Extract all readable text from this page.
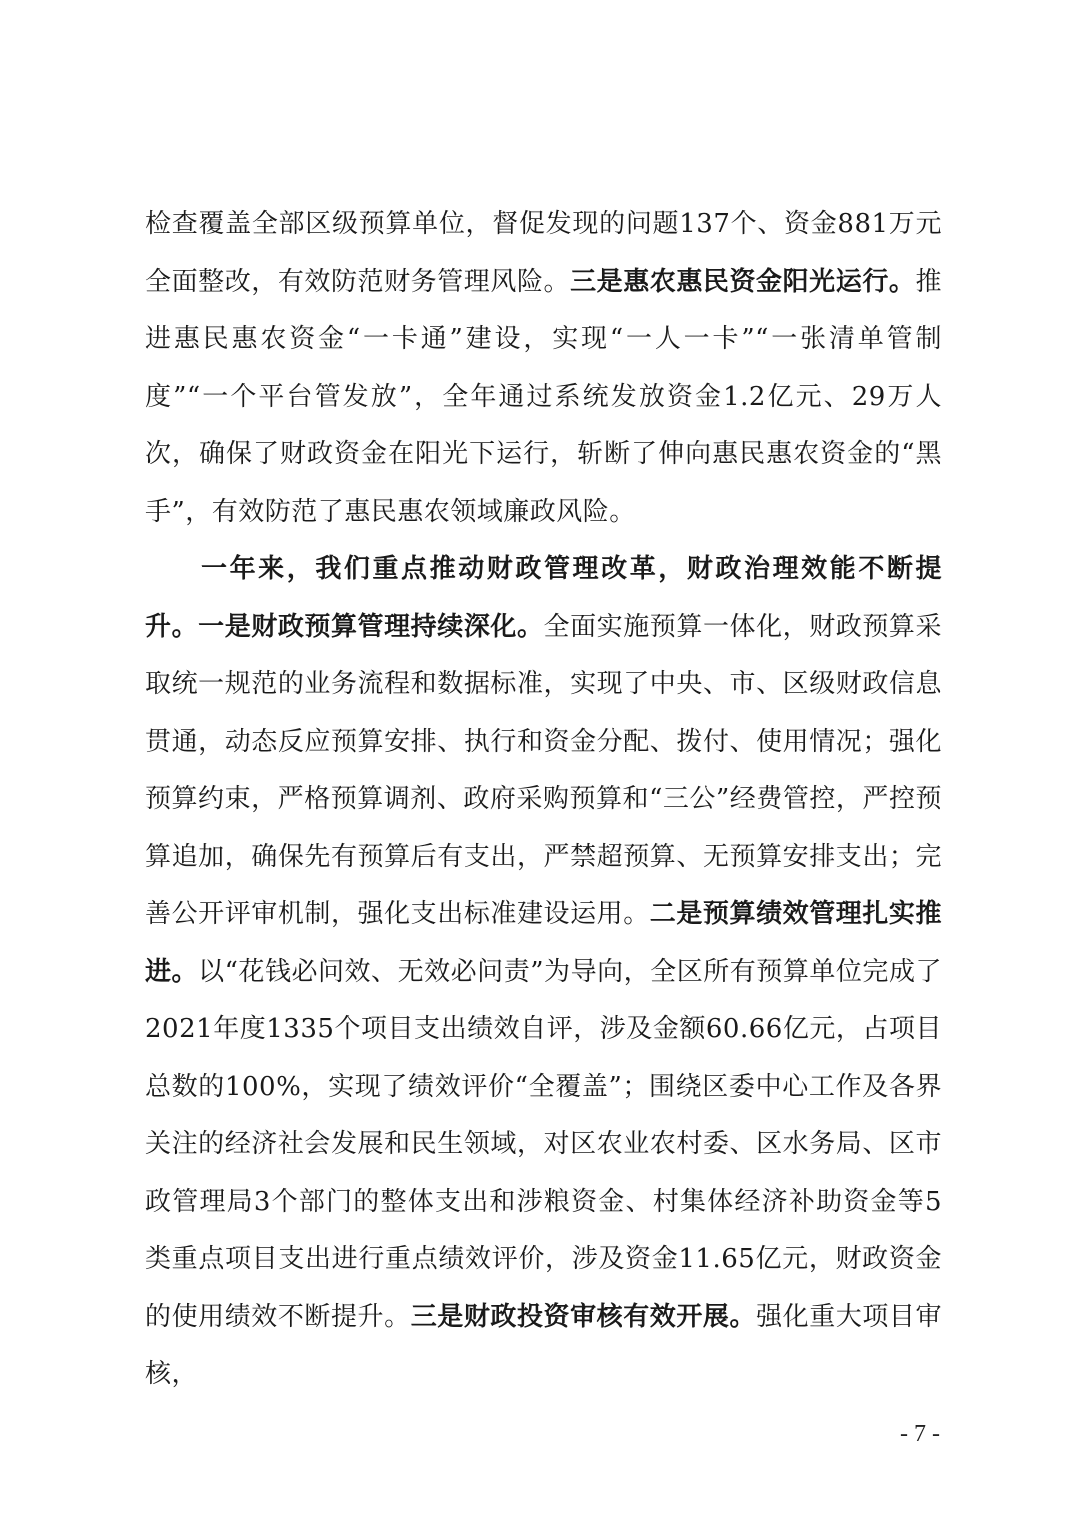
检查覆盖全部区级预算单位，督促发现的问题137个、资金881万元全面整改，有效防范财务管理风险。三是惠农惠民资金阳光运行。推进惠民惠农资金“一卡通”建设，实现“一人一卡”“一张清单管制度”“一个平台管发放”，全年通过系统发放资金1.2亿元、29万人次，确保了财政资金在阳光下运行，斩断了伸向惠民惠农资金的“黑手”，有效防范了惠民惠农领域廉政风险。

一年来，我们重点推动财政管理改革，财政治理效能不断提升。一是财政预算管理持续深化。全面实施预算一体化，财政预算采取统一规范的业务流程和数据标准，实现了中央、市、区级财政信息贯通，动态反应预算安排、执行和资金分配、拨付、使用情况；强化预算约束，严格预算调剂、政府采购预算和“三公”经费管控，严控预算追加，确保先有预算后有支出，严禁超预算、无预算安排支出；完善公开评审机制，强化支出标准建设运用。二是预算绩效管理扎实推进。以“花钱必问效、无效必问责”为导向，全区所有预算单位完成了2021年度1335个项目支出绩效自评，涉及金额60.66亿元，占项目总数的100%，实现了绩效评价“全覆盖”；围绕区委中心工作及各界关注的经济社会发展和民生领域，对区农业农村委、区水务局、区市政管理局3个部门的整体支出和涉粮资金、村集体经济补助资金等5类重点项目支出进行重点绩效评价，涉及资金11.65亿元，财政资金的使用绩效不断提升。三是财政投资审核有效开展。强化重大项目审核，

- 7 -
